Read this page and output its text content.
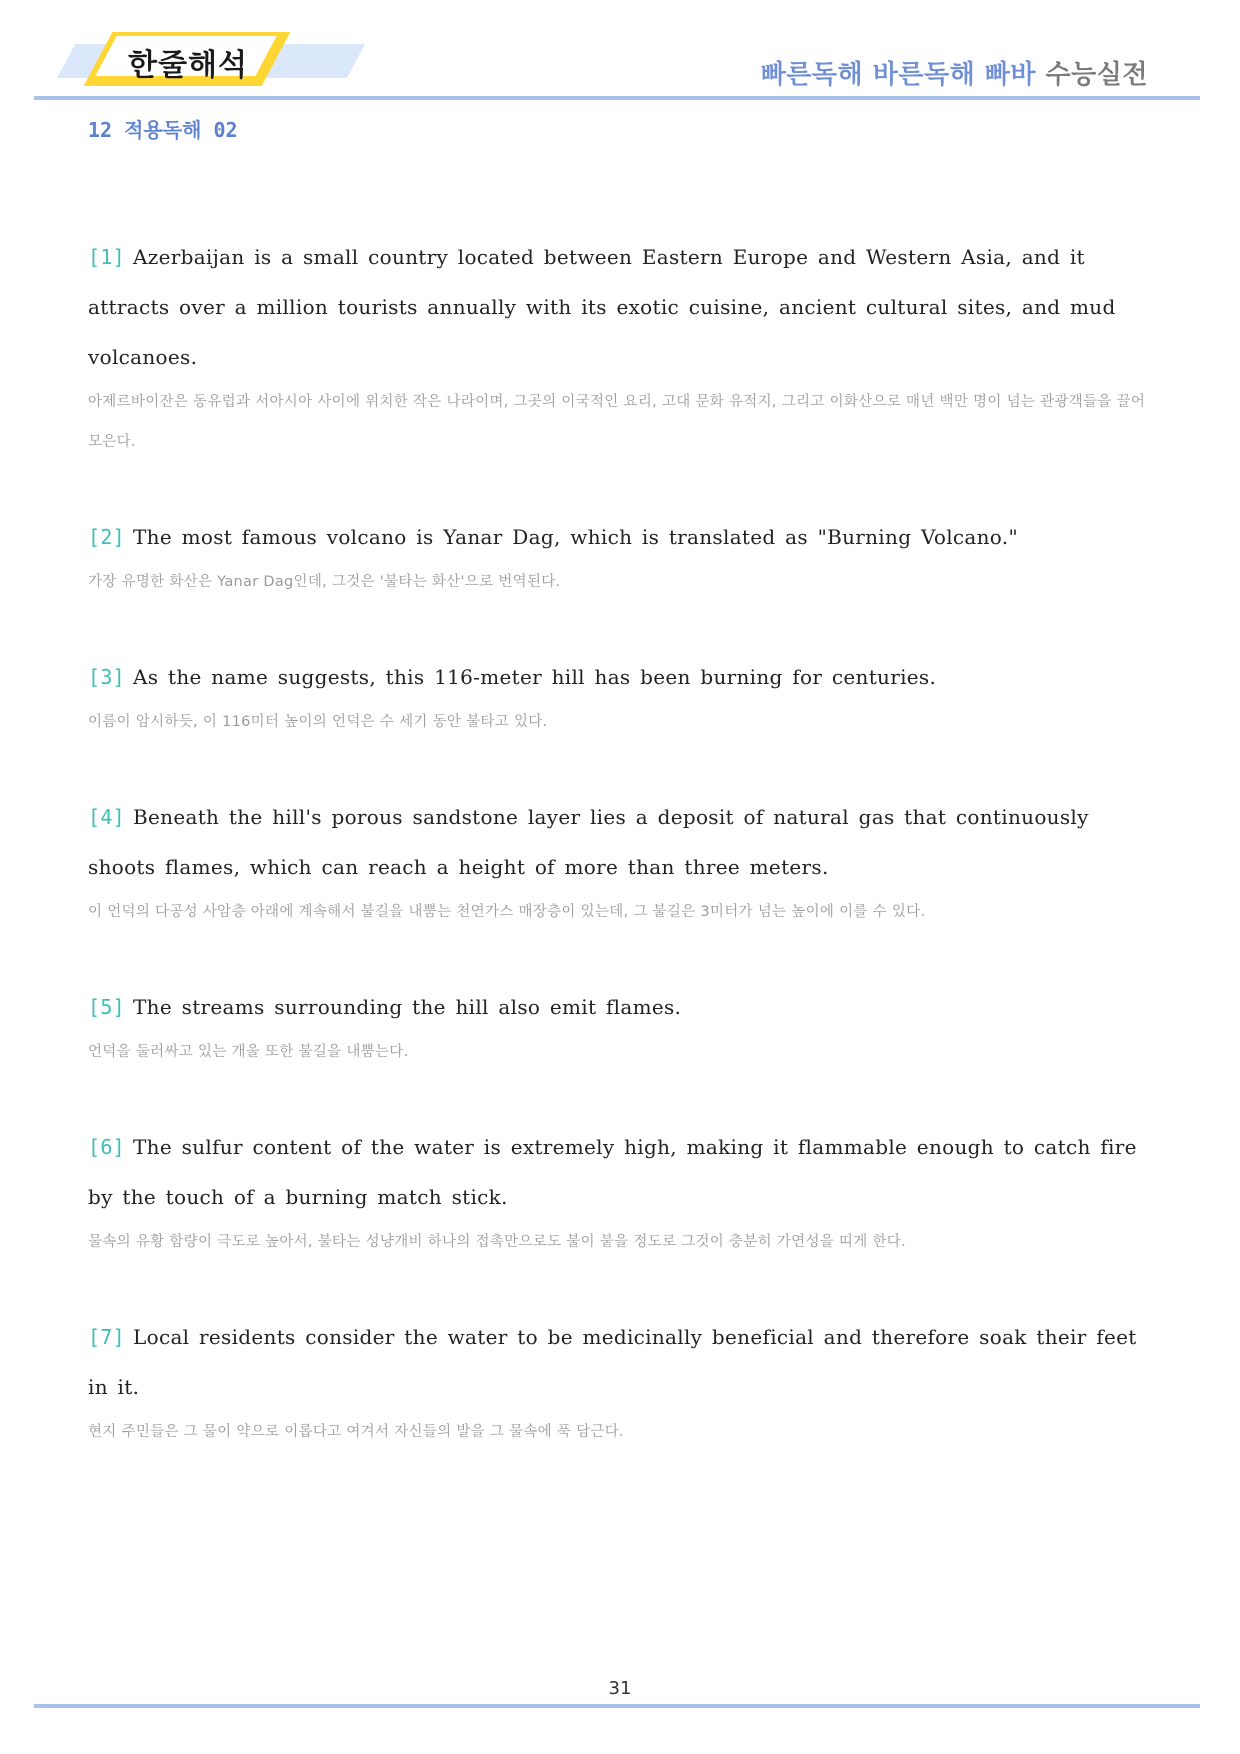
한줄해석	빠른독해 바른독해 빠바 수능실전
12 적용독해 02

[1] Azerbaijan is a small country located between Eastern Europe and Western Asia, and it attracts over a million tourists annually with its exotic cuisine, ancient cultural sites, and mud volcanoes.

아제르바이잔은 동유럽과 서아시아 사이에 위치한 작은 나라이며, 그곳의 이국적인 요리, 고대 문화 유적지, 그리고 이화산으로 매년 백만 명이 넘는 관광객들을 끌어 모은다.

[2] The most famous volcano is Yanar Dag, which is translated as "Burning Volcano."

가장 유명한 화산은 Yanar Dag인데, 그것은 '불타는 화산'으로 번역된다.

[3] As the name suggests, this 116-meter hill has been burning for centuries.

이름이 암시하듯, 이 116미터 높이의 언덕은 수 세기 동안 불타고 있다.

[4] Beneath the hill's porous sandstone layer lies a deposit of natural gas that continuously shoots flames, which can reach a height of more than three meters.

이 언덕의 다공성 사암층 아래에 계속해서 불길을 내뿜는 천연가스 매장층이 있는데, 그 불길은 3미터가 넘는 높이에 이를 수 있다.

[5] The streams surrounding the hill also emit flames.

언덕을 둘러싸고 있는 개울 또한 불길을 내뿜는다.

[6] The sulfur content of the water is extremely high, making it flammable enough to catch fire by the touch of a burning match stick.

물속의 유황 함량이 극도로 높아서, 불타는 성냥개비 하나의 접촉만으로도 불이 붙을 정도로 그것이 충분히 가연성을 띠게 한다.

[7] Local residents consider the water to be medicinally beneficial and therefore soak their feet in it.

현지 주민들은 그 물이 약으로 이롭다고 여겨서 자신들의 발을 그 물속에 푹 담근다.

31
